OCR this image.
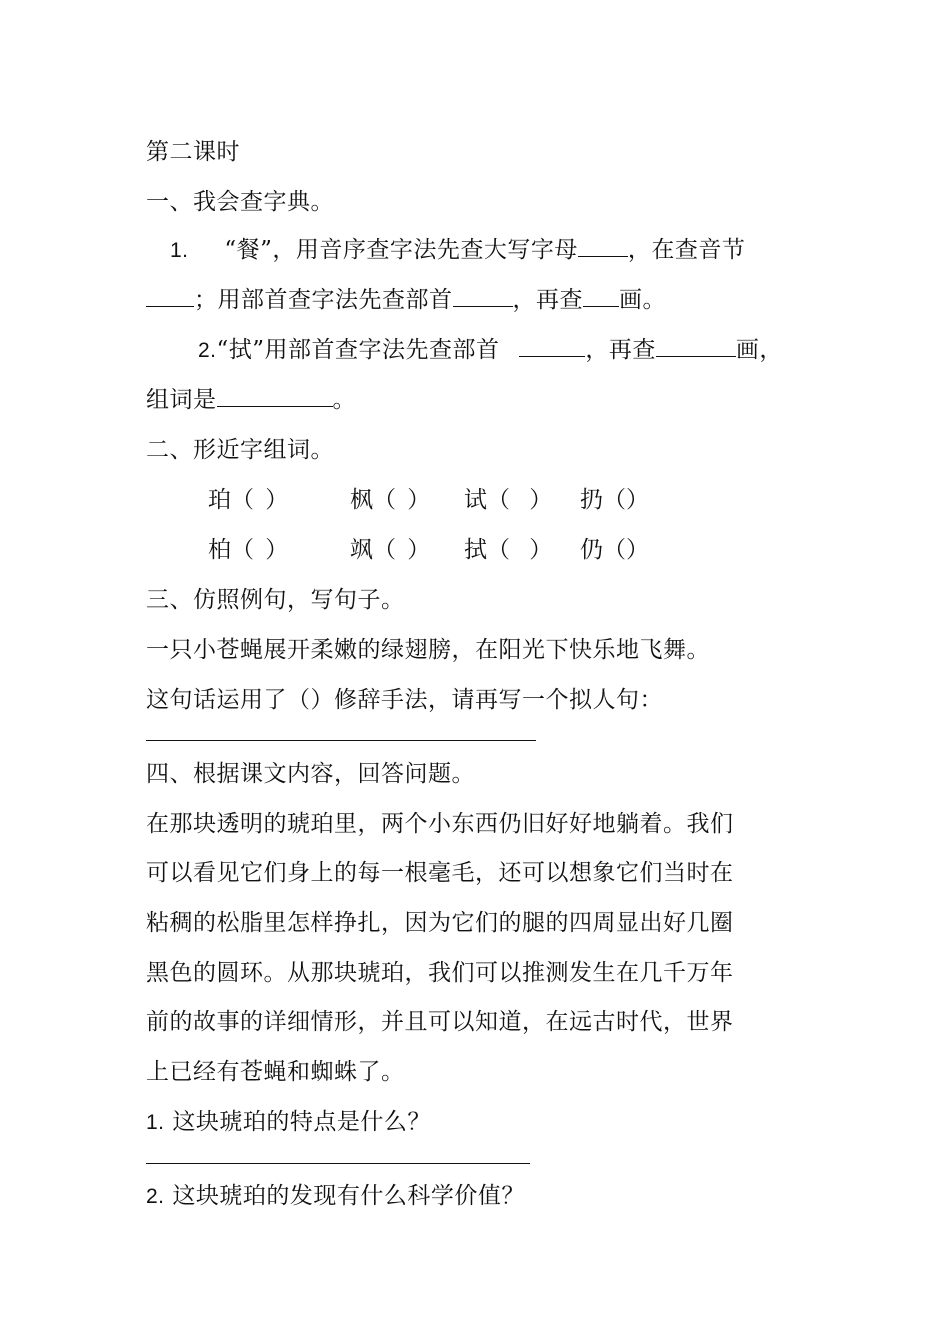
第二课时
一、我会查字典。
1. “餐”，用音序查字法先查大写字母 ，在查音节
；用部首查字法先查部首	，再查 画。
2.“拭”用部首查字法先查部首	，再查	画，
组词是	。
二、形近字组词。
珀（ ）	枫（ ） 试（ ） 扔（）
柏（ ）	飒（ ） 拭（ ） 仍（）
三、仿照例句，写句子。
一只小苍蝇展开柔嫩的绿翅膀，在阳光下快乐地飞舞。
这句话运用了（）修辞手法，请再写一个拟人句：
四、根据课文内容，回答问题。
在那块透明的琥珀里，两个小东西仍旧好好地躺着。我们
可以看见它们身上的每一根毫毛，还可以想象它们当时在
粘稠的松脂里怎样挣扎，因为它们的腿的四周显出好几圈
黑色的圆环。从那块琥珀，我们可以推测发生在几千万年
前的故事的详细情形，并且可以知道，在远古时代，世界
上已经有苍蝇和蜘蛛了。
1. 这块琥珀的特点是什么？
2. 这块琥珀的发现有什么科学价值？
